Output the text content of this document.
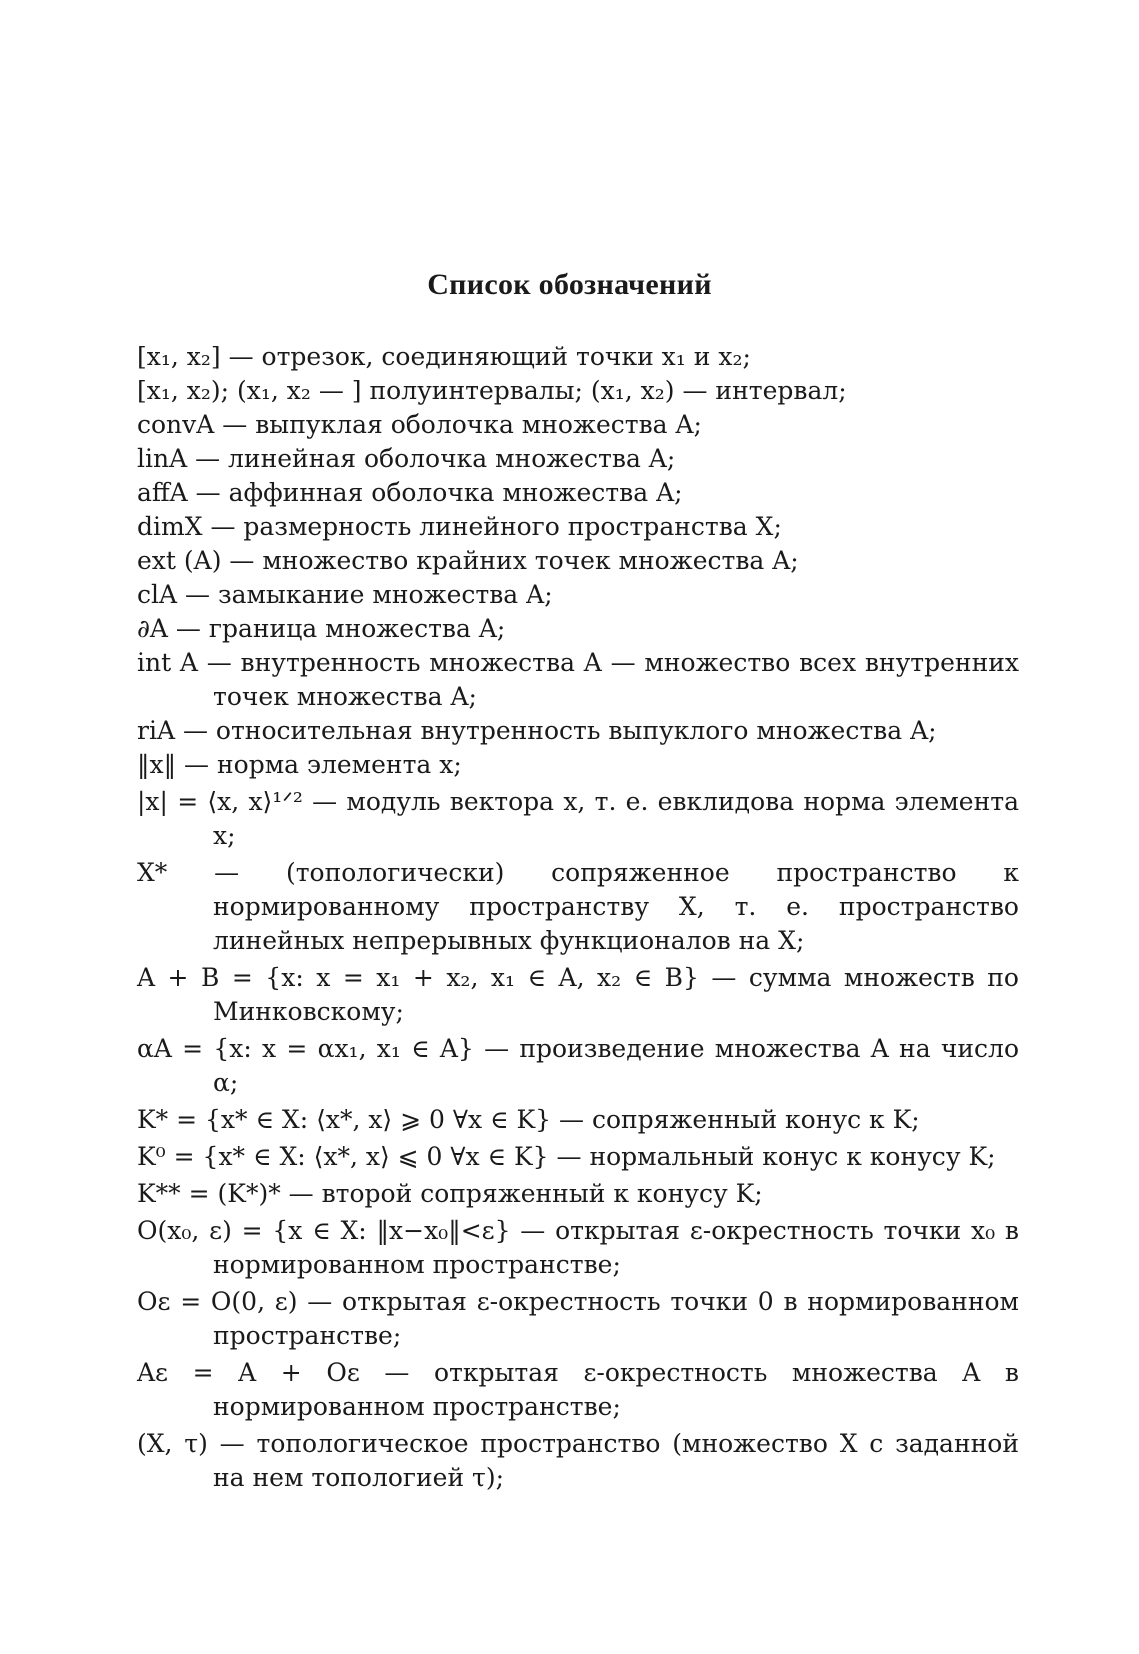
Список обозначений

[x₁, x₂] — отрезок, соединяющий точки x₁ и x₂;

[x₁, x₂); (x₁, x₂ — ] полуинтервалы; (x₁, x₂) — интервал;

convA — выпуклая оболочка множества A;

linA — линейная оболочка множества A;

affA — аффинная оболочка множества A;

dimX — размерность линейного пространства X;

ext (A) — множество крайних точек множества A;

clA — замыкание множества A;

∂A — граница множества A;

int A — внутренность множества A — множество всех внутренних точек множества A;

riA — относительная внутренность выпуклого множества A;

‖x‖ — норма элемента x;

|x| = ⟨x, x⟩¹ᐟ² — модуль вектора x, т. е. евклидова норма элемента x;

X* — (топологически) сопряженное пространство к нормированному пространству X, т. е. пространство линейных непрерывных функционалов на X;

A + B = {x: x = x₁ + x₂, x₁ ∈ A, x₂ ∈ B} — сумма множеств по Минковскому;

αA = {x: x = αx₁, x₁ ∈ A} — произведение множества A на число α;

K* = {x* ∈ X: ⟨x*, x⟩ ⩾ 0 ∀x ∈ K} — сопряженный конус к K;

K⁰ = {x* ∈ X: ⟨x*, x⟩ ⩽ 0 ∀x ∈ K} — нормальный конус к конусу K;

K** = (K*)* — второй сопряженный к конусу K;

O(x₀, ε) = {x ∈ X: ‖x−x₀‖<ε} — открытая ε-окрестность точки x₀ в нормированном пространстве;

Oε = O(0, ε) — открытая ε-окрестность точки 0 в нормированном пространстве;

Aε = A + Oε — открытая ε-окрестность множества A в нормированном пространстве;

(X, τ) — топологическое пространство (множество X с заданной на нем топологией τ);
